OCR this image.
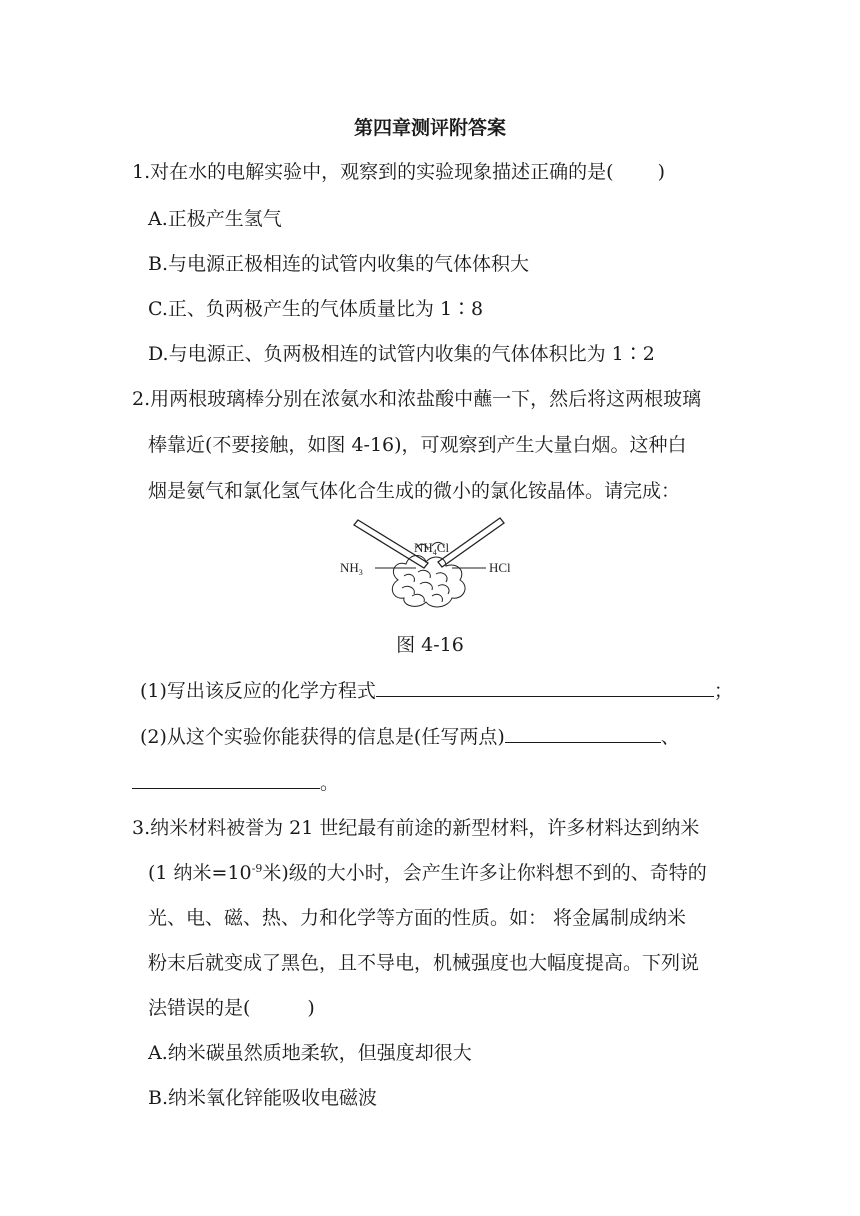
第四章测评附答案
1.对在水的电解实验中，观察到的实验现象描述正确的是(　　 )
A.正极产生氢气
B.与电源正极相连的试管内收集的气体体积大
C.正、负两极产生的气体质量比为 1∶8
D.与电源正、负两极相连的试管内收集的气体体积比为 1∶2
2.用两根玻璃棒分别在浓氨水和浓盐酸中蘸一下，然后将这两根玻璃
棒靠近(不要接触，如图 4-16)，可观察到产生大量白烟。这种白
烟是氨气和氯化氢气体化合生成的微小的氯化铵晶体。请完成：
$NH_3$
$NH_4Cl$
HCl
图 4-16
(1)写出该反应的化学方程式	；
(2)从这个实验你能获得的信息是(任写两点)	、
。
3.纳米材料被誉为 21 世纪最有前途的新型材料，许多材料达到纳米
(1 纳米$=10^{-9}$米)级的大小时，会产生许多让你料想不到的、奇特的
光、电、磁、热、力和化学等方面的性质。如： 将金属制成纳米
粉末后就变成了黑色，且不导电，机械强度也大幅度提高。下列说
法错误的是(　　　)
A.纳米碳虽然质地柔软，但强度却很大
B.纳米氧化锌能吸收电磁波
